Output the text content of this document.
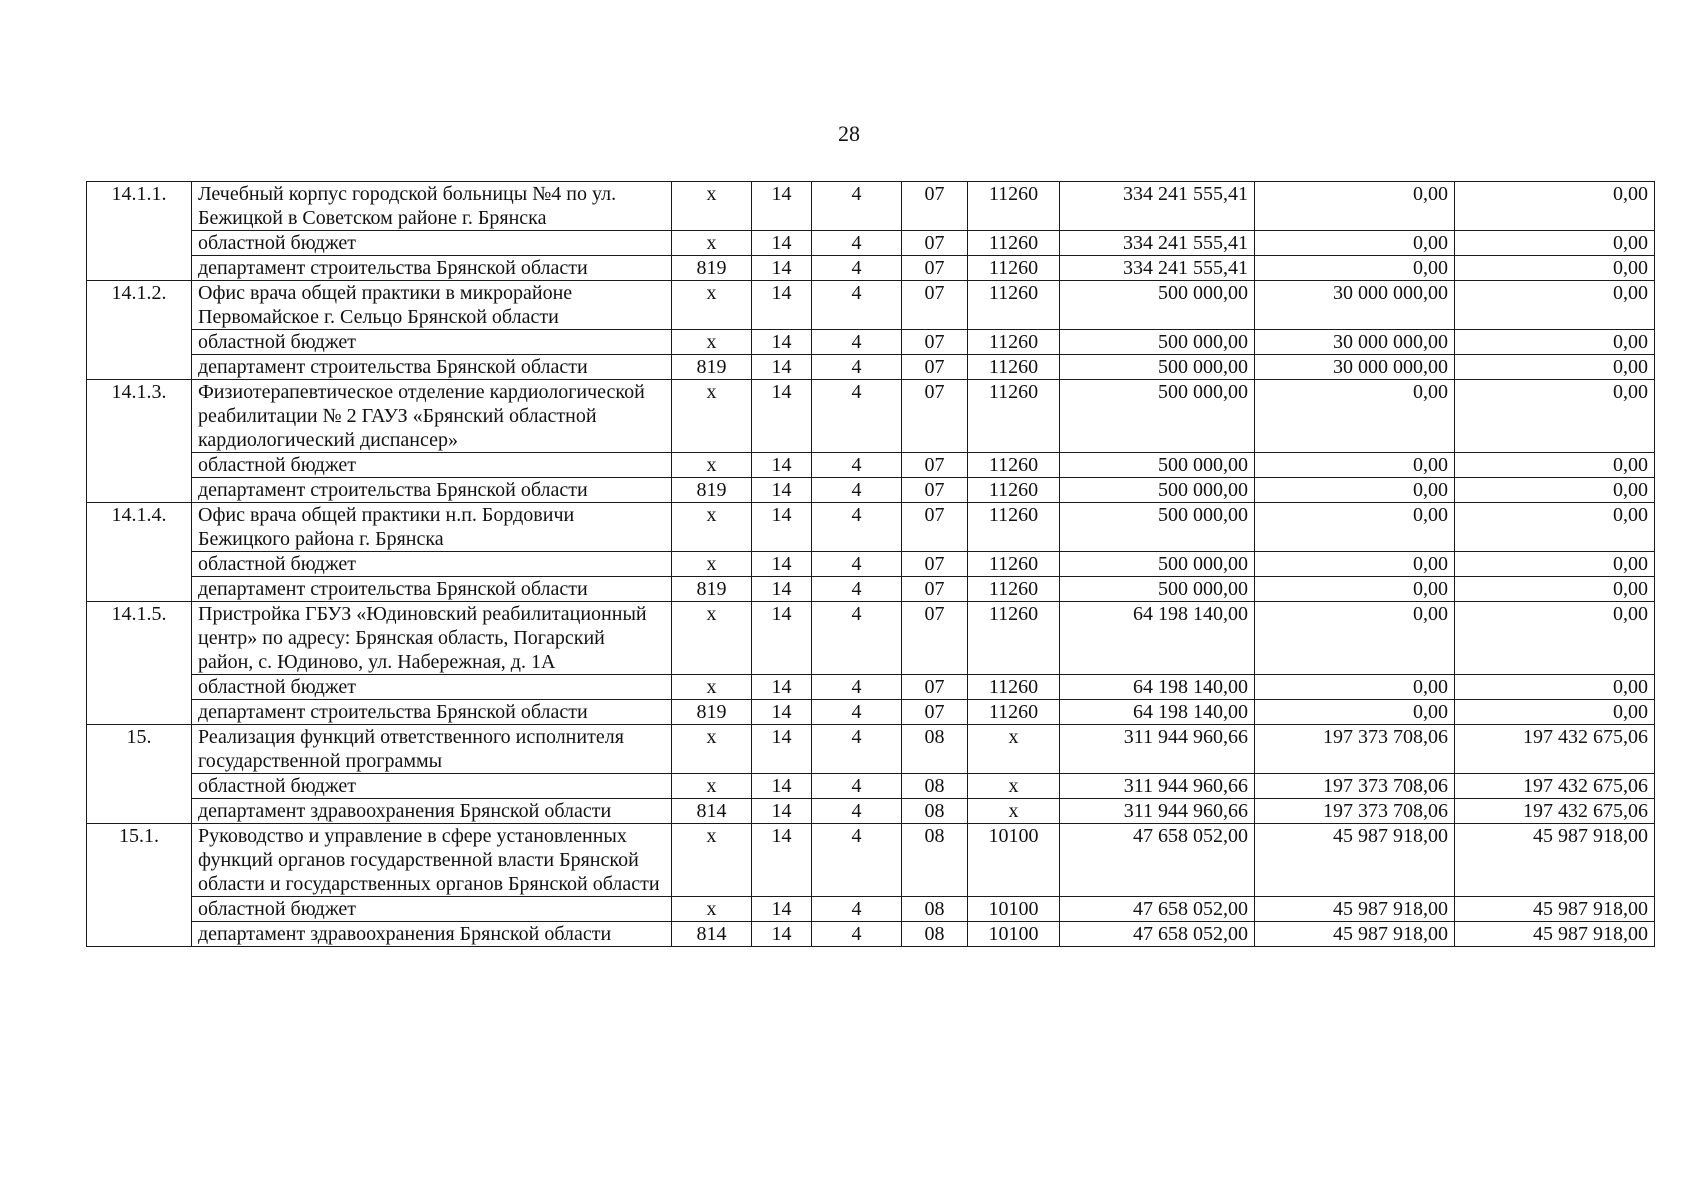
28
14.1.1.	Лечебный корпус городской больницы №4 по ул. Бежицкой в Советском районе г. Брянска	х	14	4	07	11260	334 241 555,41	0,00	0,00
	областной бюджет	х	14	4	07	11260	334 241 555,41	0,00	0,00
	департамент строительства Брянской области	819	14	4	07	11260	334 241 555,41	0,00	0,00
14.1.2.	Офис врача общей практики в микрорайоне Первомайское г. Сельцо Брянской области	х	14	4	07	11260	500 000,00	30 000 000,00	0,00
	областной бюджет	х	14	4	07	11260	500 000,00	30 000 000,00	0,00
	департамент строительства Брянской области	819	14	4	07	11260	500 000,00	30 000 000,00	0,00
14.1.3.	Физиотерапевтическое отделение кардиологической реабилитации № 2 ГАУЗ «Брянский областной кардиологический диспансер»	х	14	4	07	11260	500 000,00	0,00	0,00
	областной бюджет	х	14	4	07	11260	500 000,00	0,00	0,00
	департамент строительства Брянской области	819	14	4	07	11260	500 000,00	0,00	0,00
14.1.4.	Офис врача общей практики н.п. Бордовичи Бежицкого района г. Брянска	х	14	4	07	11260	500 000,00	0,00	0,00
	областной бюджет	х	14	4	07	11260	500 000,00	0,00	0,00
	департамент строительства Брянской области	819	14	4	07	11260	500 000,00	0,00	0,00
14.1.5.	Пристройка ГБУЗ «Юдиновский реабилитационный центр» по адресу: Брянская область, Погарский район, с. Юдиново, ул. Набережная, д. 1А	х	14	4	07	11260	64 198 140,00	0,00	0,00
	областной бюджет	х	14	4	07	11260	64 198 140,00	0,00	0,00
	департамент строительства Брянской области	819	14	4	07	11260	64 198 140,00	0,00	0,00
15.	Реализация функций ответственного исполнителя государственной программы	х	14	4	08	х	311 944 960,66	197 373 708,06	197 432 675,06
	областной бюджет	х	14	4	08	х	311 944 960,66	197 373 708,06	197 432 675,06
	департамент здравоохранения Брянской области	814	14	4	08	х	311 944 960,66	197 373 708,06	197 432 675,06
15.1.	Руководство и управление в сфере установленных функций органов государственной власти Брянской области и государственных органов Брянской области	х	14	4	08	10100	47 658 052,00	45 987 918,00	45 987 918,00
	областной бюджет	х	14	4	08	10100	47 658 052,00	45 987 918,00	45 987 918,00
	департамент здравоохранения Брянской области	814	14	4	08	10100	47 658 052,00	45 987 918,00	45 987 918,00
